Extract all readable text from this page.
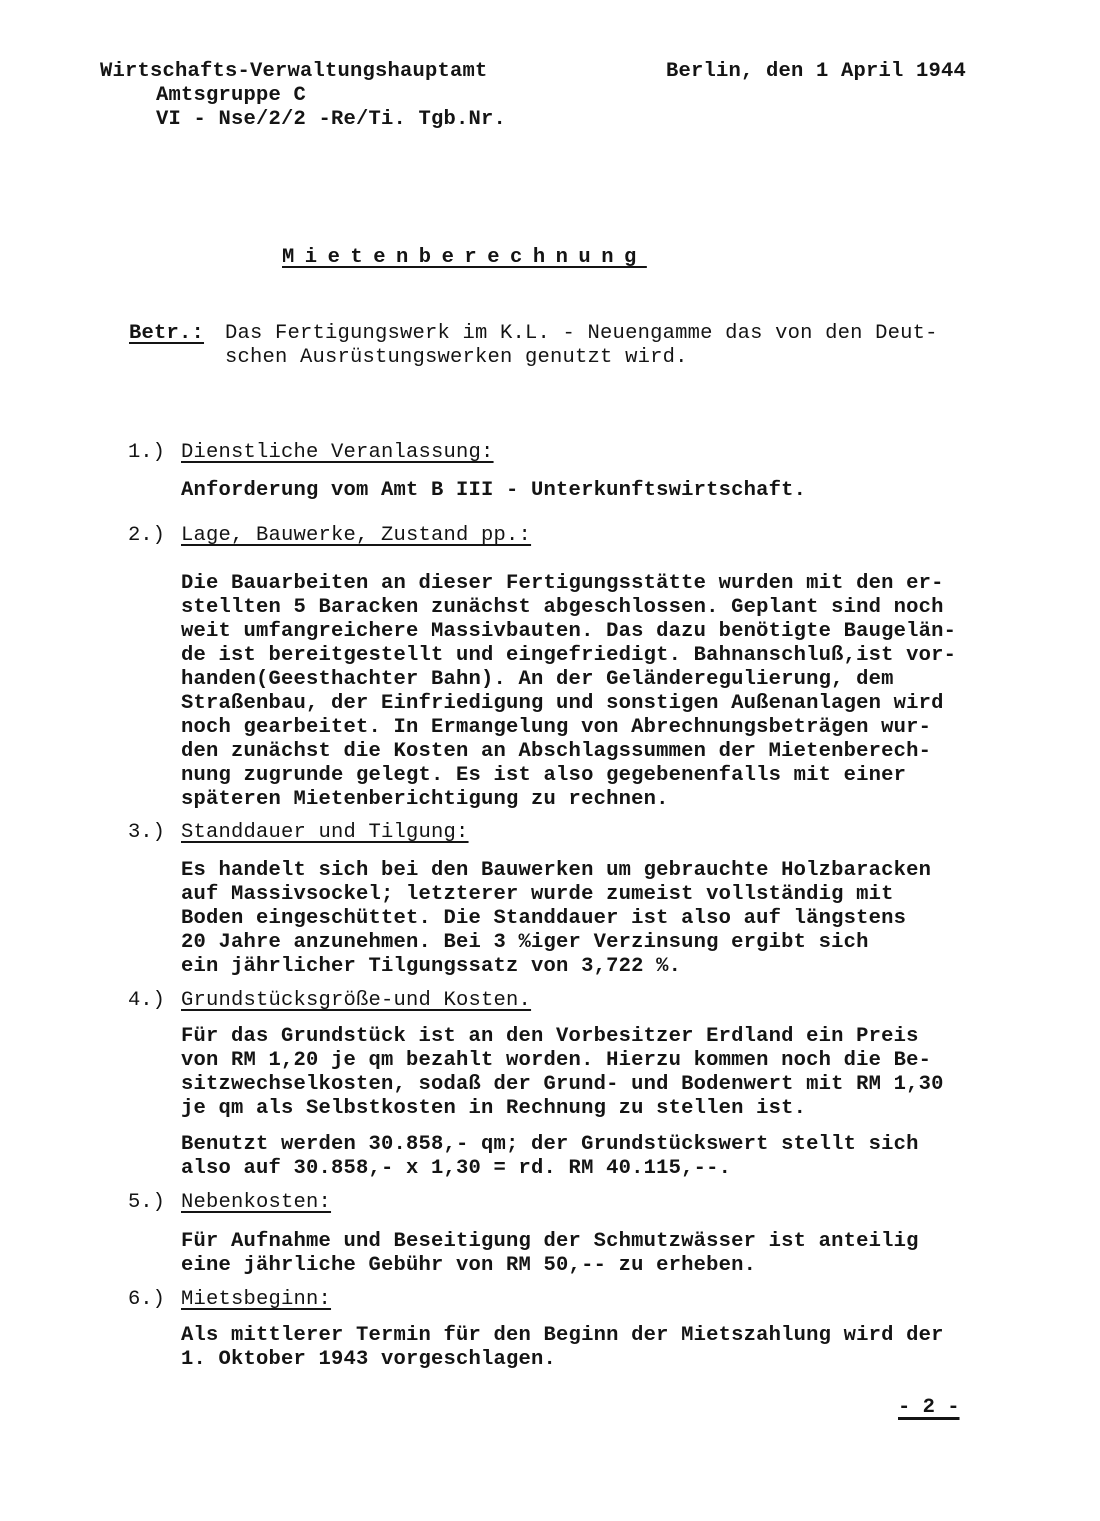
Wirtschafts-Verwaltungshauptamt
Amtsgruppe C
VI - Nse/2/2 -Re/Ti. Tgb.Nr.
Berlin, den 1 April 1944
Mietenberechnung
Betr.: Das Fertigungswerk im K.L. - Neuengamme das von den Deut-
schen Ausrüstungswerken genutzt wird.
1.) Dienstliche Veranlassung:
Anforderung vom Amt B III - Unterkunftswirtschaft.
2.) Lage, Bauwerke, Zustand pp.:
Die Bauarbeiten an dieser Fertigungsstätte wurden mit den er-
stellten 5 Baracken zunächst abgeschlossen. Geplant sind noch
weit umfangreichere Massivbauten. Das dazu benötigte Baugelän-
de ist bereitgestellt und eingefriedigt. Bahnanschluß,ist vor-
handen(Geesthachter Bahn). An der Geländeregulierung, dem
Straßenbau, der Einfriedigung und sonstigen Außenanlagen wird
noch gearbeitet. In Ermangelung von Abrechnungsbeträgen wur-
den zunächst die Kosten an Abschlagssummen der Mietenberech-
nung zugrunde gelegt. Es ist also gegebenenfalls mit einer
späteren Mietenberichtigung zu rechnen.
3.) Standdauer und Tilgung:
Es handelt sich bei den Bauwerken um gebrauchte Holzbaracken
auf Massivsockel; letzterer wurde zumeist vollständig mit
Boden eingeschüttet. Die Standdauer ist also auf längstens
20 Jahre anzunehmen. Bei 3 %iger Verzinsung ergibt sich
ein jährlicher Tilgungssatz von 3,722 %.
4.) Grundstücksgröße-und Kosten.
Für das Grundstück ist an den Vorbesitzer Erdland ein Preis
von RM 1,20 je qm bezahlt worden. Hierzu kommen noch die Be-
sitzwechselkosten, sodaß der Grund- und Bodenwert mit RM 1,30
je qm als Selbstkosten in Rechnung zu stellen ist.
Benutzt werden 30.858,- qm; der Grundstückswert stellt sich
also auf 30.858,- x 1,30 = rd. RM 40.115,--.
5.) Nebenkosten:
Für Aufnahme und Beseitigung der Schmutzwässer ist anteilig
eine jährliche Gebühr von RM 50,-- zu erheben.
6.) Mietsbeginn:
Als mittlerer Termin für den Beginn der Mietszahlung wird der
1. Oktober 1943 vorgeschlagen.
- 2 -
